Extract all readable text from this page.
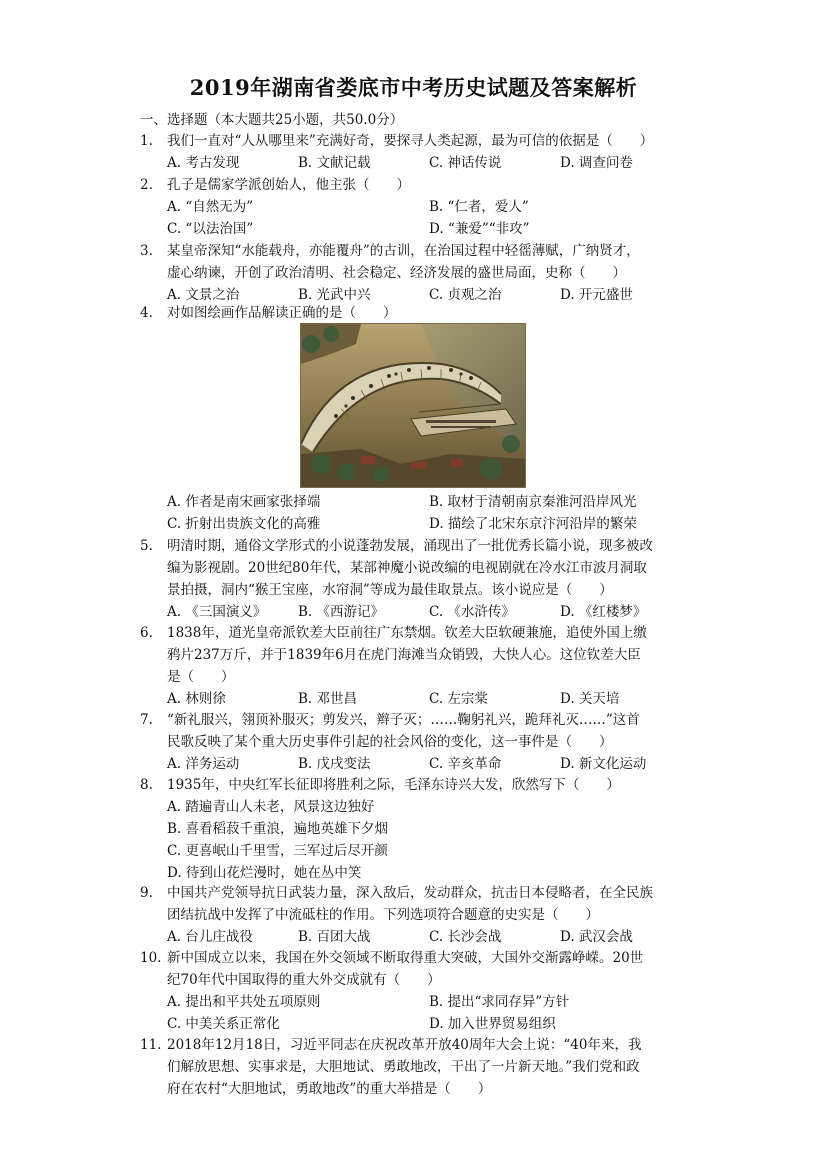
2019年湖南省娄底市中考历史试题及答案解析
一、选择题（本大题共25小题，共50.0分）
1.	我们一直对“人从哪里来”充满好奇，要探寻人类起源，最为可信的依据是（　　）
A. 考古发现	B. 文献记载	C. 神话传说	D. 调查问卷
2.	孔子是儒家学派创始人，他主张（　　）
A. “自然无为”	B. “仁者，爱人”
C. “以法治国”	D. “兼爱”“非攻”
3.	某皇帝深知“水能载舟，亦能覆舟”的古训，在治国过程中轻徭薄赋，广纳贤才，
虚心纳谏，开创了政治清明、社会稳定、经济发展的盛世局面，史称（　　）
A. 文景之治	B. 光武中兴	C. 贞观之治	D. 开元盛世
4.	对如图绘画作品解读正确的是（　　）
A. 作者是南宋画家张择端	B. 取材于清朝南京秦淮河沿岸风光
C. 折射出贵族文化的高雅	D. 描绘了北宋东京汴河沿岸的繁荣
5.	明清时期，通俗文学形式的小说蓬勃发展，涌现出了一批优秀长篇小说，现多被改
编为影视剧。20世纪80年代，某部神魔小说改编的电视剧就在冷水江市波月洞取
景拍摄，洞内“猴王宝座，水帘洞”等成为最佳取景点。该小说应是（　　）
A. 《三国演义》	B. 《西游记》	C. 《水浒传》	D. 《红楼梦》
6.	1838年，道光皇帝派钦差大臣前往广东禁烟。钦差大臣软硬兼施，追使外国上缴
鸦片237万斤，并于1839年6月在虎门海滩当众销毁，大快人心。这位钦差大臣
是（　　）
A. 林则徐	B. 邓世昌	C. 左宗棠	D. 关天培
7.	“新礼服兴，翎顶补服灭；剪发兴，辫子灭；……鞠躬礼兴，跪拜礼灭……”这首
民歌反映了某个重大历史事件引起的社会风俗的变化，这一事件是（　　）
A. 洋务运动	B. 戊戌变法	C. 辛亥革命	D. 新文化运动
8.	1935年，中央红军长征即将胜利之际，毛泽东诗兴大发，欣然写下（　　）
A. 踏遍青山人未老，风景这边独好
B. 喜看稻菽千重浪，遍地英雄下夕烟
C. 更喜岷山千里雪，三军过后尽开颜
D. 待到山花烂漫时，她在丛中笑
9.	中国共产党领导抗日武装力量，深入敌后，发动群众，抗击日本侵略者，在全民族
团结抗战中发挥了中流砥柱的作用。下列选项符合题意的史实是（　　）
A. 台儿庄战役	B. 百团大战	C. 长沙会战	D. 武汉会战
10. 新中国成立以来，我国在外交领域不断取得重大突破，大国外交渐露峥嵘。20世
纪70年代中国取得的重大外交成就有（　　）
A. 提出和平共处五项原则	B. 提出“求同存异”方针
C. 中美关系正常化	D. 加入世界贸易组织
11. 2018年12月18日，习近平同志在庆祝改革开放40周年大会上说：“40年来，我
们解放思想、实事求是，大胆地试、勇敢地改，干出了一片新天地。”我们党和政
府在农村“大胆地试，勇敢地改”的重大举措是（　　）
